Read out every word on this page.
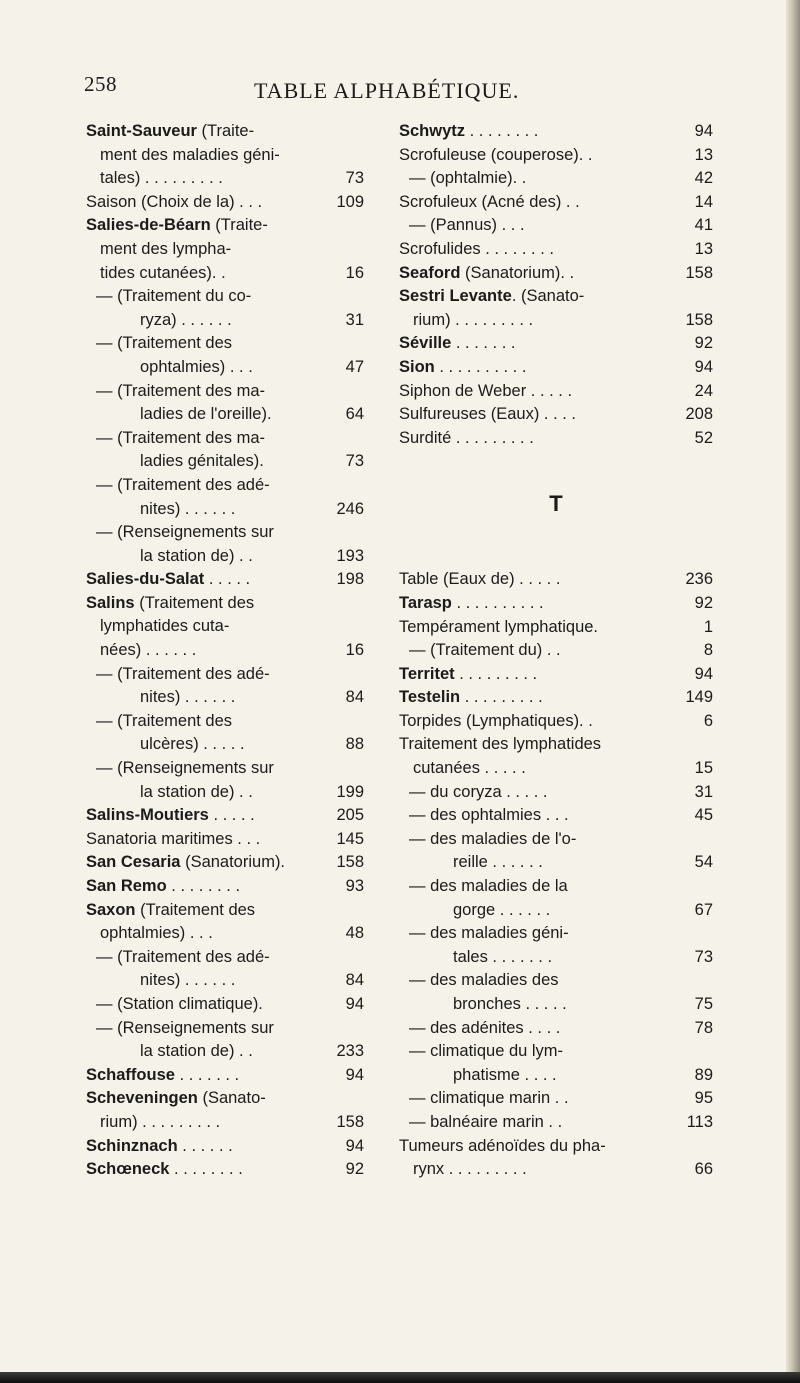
258	TABLE ALPHABÉTIQUE.
Saint-Sauveur (Traite-
ment des maladies géni-
tales) . . . . . . . . .	73
Saison (Choix de la) . . .	109
Salies-de-Béarn (Traite-
ment des lympha-
tides cutanées). .	16
— (Traitement du co-
ryza) . . . . . .	31
— (Traitement des
ophtalmies) . . .	47
— (Traitement des ma-
ladies de l'oreille).	64
— (Traitement des ma-
ladies génitales).	73
— (Traitement des adé-
nites) . . . . . .	246
— (Renseignements sur
la station de) . .	193
Salies-du-Salat . . . . .	198
Salins (Traitement des
lymphatides cuta-
nées) . . . . . .	16
— (Traitement des adé-
nites) . . . . . .	84
— (Traitement des
ulcères) . . . . .	88
— (Renseignements sur
la station de) . .	199
Salins-Moutiers . . . . .	205
Sanatoria maritimes . . .	145
San Cesaria (Sanatorium).	158
San Remo . . . . . . . .	93
Saxon (Traitement des
ophtalmies) . . .	48
— (Traitement des adé-
nites) . . . . . .	84
— (Station climatique).	94
— (Renseignements sur
la station de) . .	233
Schaffouse . . . . . . .	94
Scheveningen (Sanato-
rium) . . . . . . . . .	158
Schinznach . . . . . .	94
Schœneck . . . . . . . .	92
Schwytz . . . . . . . .	94
Scrofuleuse (couperose). .	13
— (ophtalmie). .	42
Scrofuleux (Acné des) . .	14
— (Pannus) . . .	41
Scrofulides . . . . . . . .	13
Seaford (Sanatorium). .	158
Sestri Levante. (Sanato-
rium) . . . . . . . . .	158
Séville . . . . . . .	92
Sion . . . . . . . . . .	94
Siphon de Weber . . . . .	24
Sulfureuses (Eaux) . . . .	208
Surdité . . . . . . . . .	52
T
Table (Eaux de) . . . . .	236
Tarasp . . . . . . . . . .	92
Tempérament lymphatique.	1
— (Traitement du) . .	8
Territet . . . . . . . . .	94
Testelin . . . . . . . . .	149
Torpides (Lymphatiques). .	6
Traitement des lymphatides
cutanées . . . . .	15
— du coryza . . . . .	31
— des ophtalmies . . .	45
— des maladies de l'o-
reille . . . . . .	54
— des maladies de la
gorge . . . . . .	67
— des maladies géni-
tales . . . . . . .	73
— des maladies des
bronches . . . . .	75
— des adénites . . . .	78
— climatique du lym-
phatisme . . . .	89
— climatique marin . .	95
— balnéaire marin . .	113
Tumeurs adénoïdes du pha-
rynx . . . . . . . . .	66
